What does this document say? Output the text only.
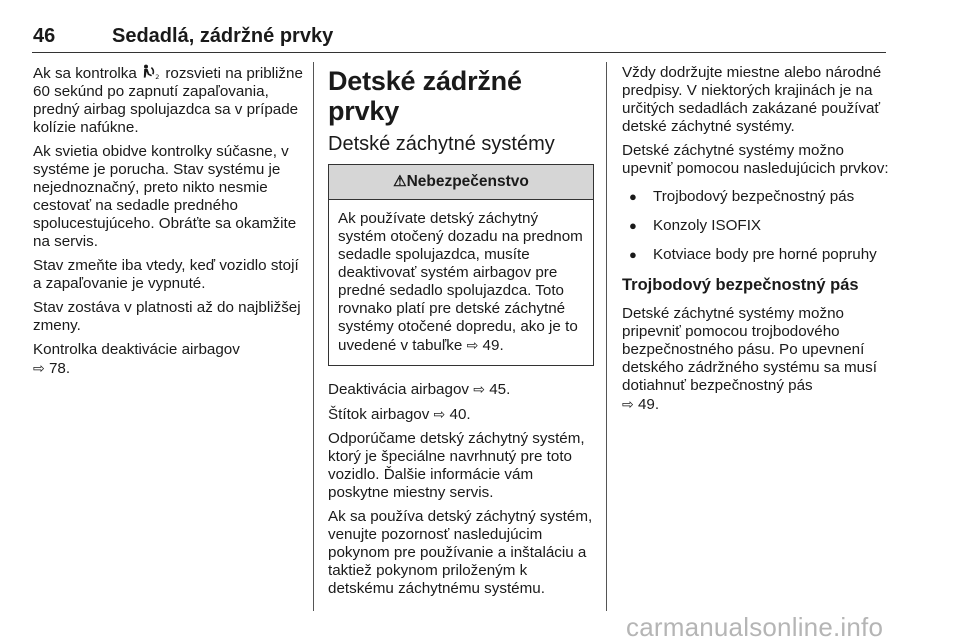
46	Sedadlá, zádržné prvky

Ak sa kontrolka	2 rozsvieti na približne 60 sekúnd po zapnutí zapaľovania, predný airbag spolujazdca sa v prípade kolízie nafúkne.

Ak svietia obidve kontrolky súčasne, v systéme je porucha. Stav systému je nejednoznačný, preto nikto nesmie cestovať na sedadle predného spolucestujúceho. Obráťte sa okamžite na servis.

Stav zmeňte iba vtedy, keď vozidlo stojí a zapaľovanie je vypnuté.

Stav zostáva v platnosti až do najbližšej zmeny.

Kontrolka deaktivácie airbagov
⇨ 78.

Detské zádržné prvky
Detské záchytné systémy
⚠Nebezpečenstvo
Ak používate detský záchytný systém otočený dozadu na prednom sedadle spolujazdca, musíte deaktivovať systém airbagov pre predné sedadlo spolujazdca. Toto rovnako platí pre detské záchytné systémy otočené dopredu, ako je to uvedené v tabuľke ⇨ 49.

Deaktivácia airbagov ⇨ 45.

Štítok airbagov ⇨ 40.

Odporúčame detský záchytný systém, ktorý je špeciálne navrhnutý pre toto vozidlo. Ďalšie informácie vám poskytne miestny servis.

Ak sa používa detský záchytný systém, venujte pozornosť nasledujúcim pokynom pre používanie a inštaláciu a taktiež pokynom priloženým k detskému záchytnému systému.

Vždy dodržujte miestne alebo národné predpisy. V niektorých krajinách je na určitých sedadlách zakázané používať detské záchytné systémy.

Detské záchytné systémy možno upevniť pomocou nasledujúcich prvkov:

● Trojbodový bezpečnostný pás
● Konzoly ISOFIX
● Kotviace body pre horné popruhy
Trojbodový bezpečnostný pás

Detské záchytné systémy možno pripevniť pomocou trojbodového bezpečnostného pásu. Po upevnení detského zádržného systému sa musí dotiahnuť bezpečnostný pás
⇨ 49.

carmanualsonline.info
